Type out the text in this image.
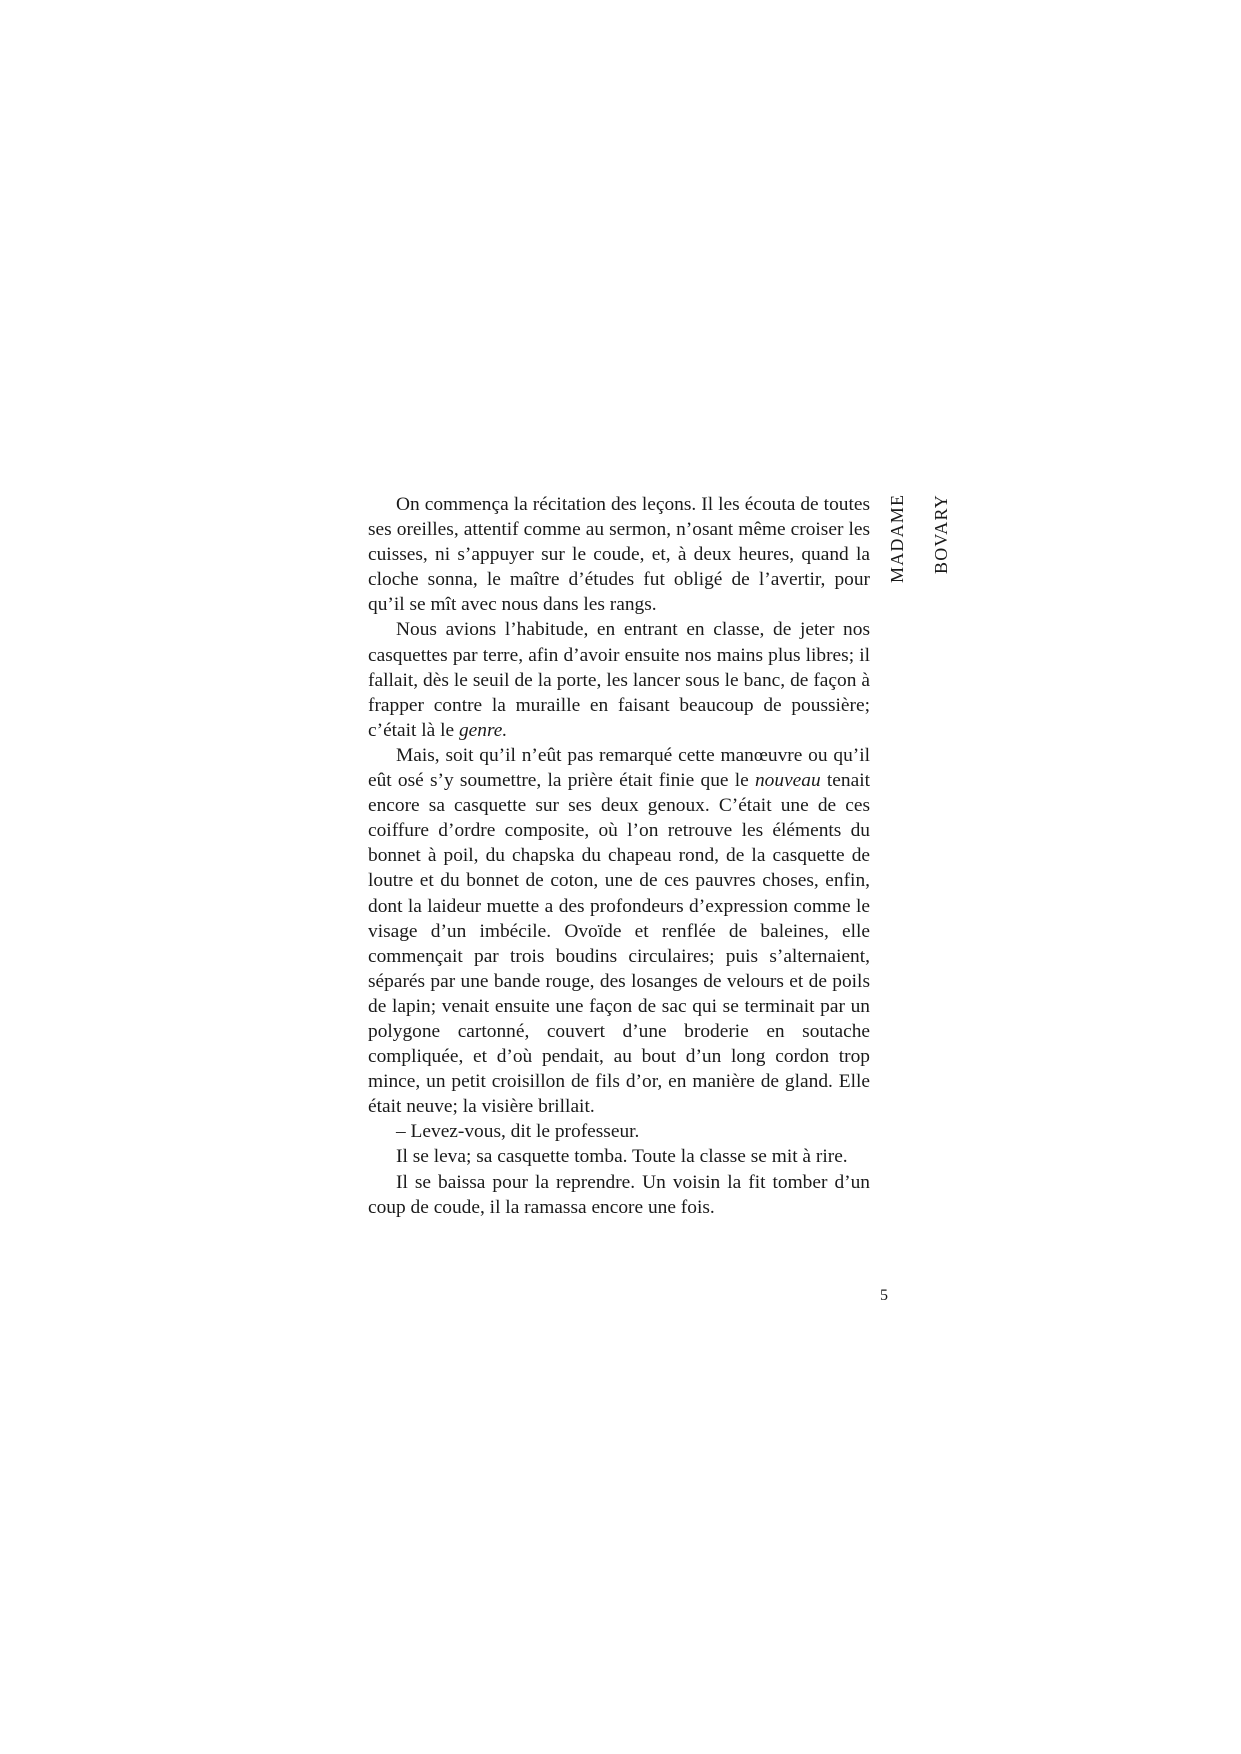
On commença la récitation des leçons. Il les écouta de toutes ses oreilles, attentif comme au sermon, n’osant même croiser les cuisses, ni s’appuyer sur le coude, et, à deux heures, quand la cloche sonna, le maître d’études fut obligé de l’avertir, pour qu’il se mît avec nous dans les rangs.

Nous avions l’habitude, en entrant en classe, de jeter nos casquettes par terre, afin d’avoir ensuite nos mains plus libres; il fallait, dès le seuil de la porte, les lancer sous le banc, de façon à frapper contre la muraille en faisant beaucoup de poussière; c’était là le genre.

Mais, soit qu’il n’eût pas remarqué cette manœuvre ou qu’il eût osé s’y soumettre, la prière était finie que le nouveau tenait encore sa casquette sur ses deux genoux. C’était une de ces coiffure d’ordre composite, où l’on retrouve les éléments du bonnet à poil, du chapska du chapeau rond, de la casquette de loutre et du bonnet de coton, une de ces pauvres choses, enfin, dont la laideur muette a des profondeurs d’expression comme le visage d’un imbécile. Ovoïde et renflée de baleines, elle commençait par trois boudins circulaires; puis s’alternaient, séparés par une bande rouge, des losanges de velours et de poils de lapin; venait ensuite une façon de sac qui se terminait par un polygone cartonné, couvert d’une broderie en soutache compliquée, et d’où pendait, au bout d’un long cordon trop mince, un petit croisillon de fils d’or, en manière de gland. Elle était neuve; la visière brillait.

– Levez-vous, dit le professeur.

Il se leva; sa casquette tomba. Toute la classe se mit à rire.

Il se baissa pour la reprendre. Un voisin la fit tomber d’un coup de coude, il la ramassa encore une fois.

MADAME BOVARY
5
